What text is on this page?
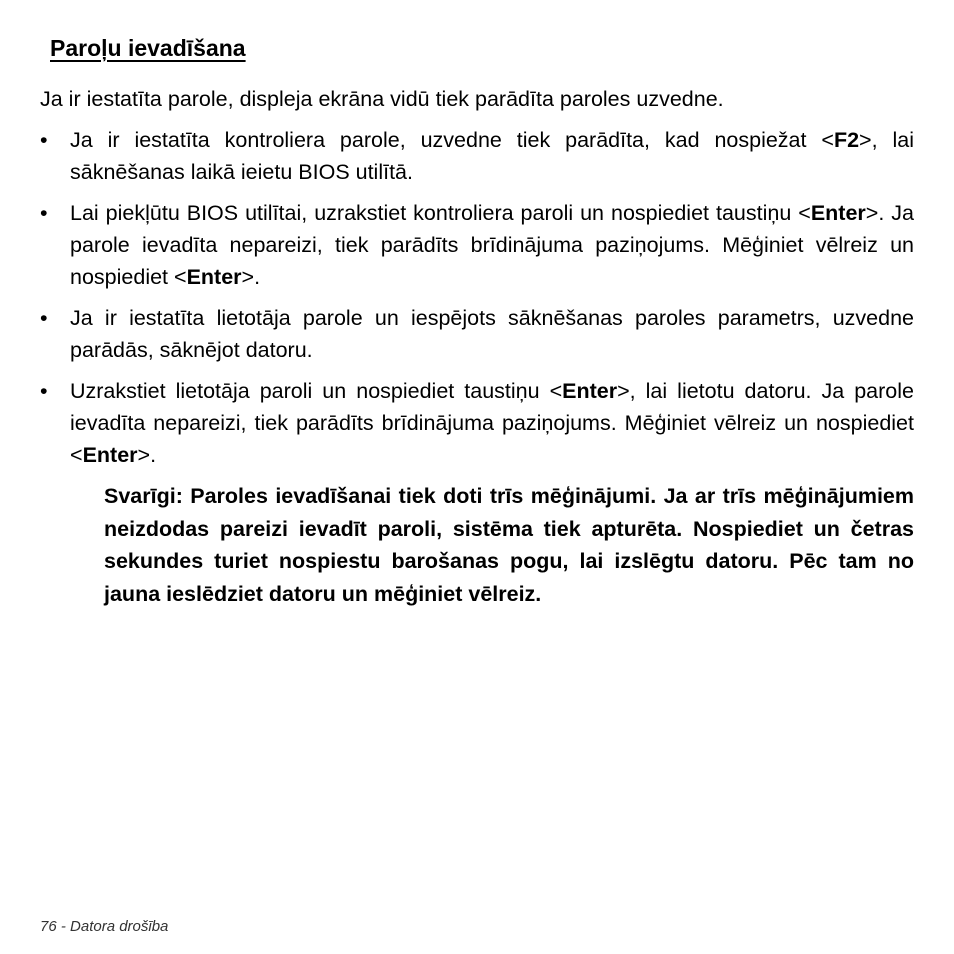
Paroļu ievadīšana

Ja ir iestatīta parole, displeja ekrāna vidū tiek parādīta paroles uzvedne.

• Ja ir iestatīta kontroliera parole, uzvedne tiek parādīta, kad nospiežat <F2>, lai sāknēšanas laikā ieietu BIOS utilītā.
• Lai piekļūtu BIOS utilītai, uzrakstiet kontroliera paroli un nospiediet taustiņu <Enter>. Ja parole ievadīta nepareizi, tiek parādīts brīdinājuma paziņojums. Mēģiniet vēlreiz un nospiediet <Enter>.
• Ja ir iestatīta lietotāja parole un iespējots sāknēšanas paroles parametrs, uzvedne parādās, sāknējot datoru.
• Uzrakstiet lietotāja paroli un nospiediet taustiņu <Enter>, lai lietotu datoru. Ja parole ievadīta nepareizi, tiek parādīts brīdinājuma paziņojums. Mēģiniet vēlreiz un nospiediet <Enter>.

Svarīgi: Paroles ievadīšanai tiek doti trīs mēģinājumi. Ja ar trīs mēģinājumiem neizdodas pareizi ievadīt paroli, sistēma tiek apturēta. Nospiediet un četras sekundes turiet nospiestu barošanas pogu, lai izslēgtu datoru. Pēc tam no jauna ieslēdziet datoru un mēģiniet vēlreiz.

76 - Datora drošība
